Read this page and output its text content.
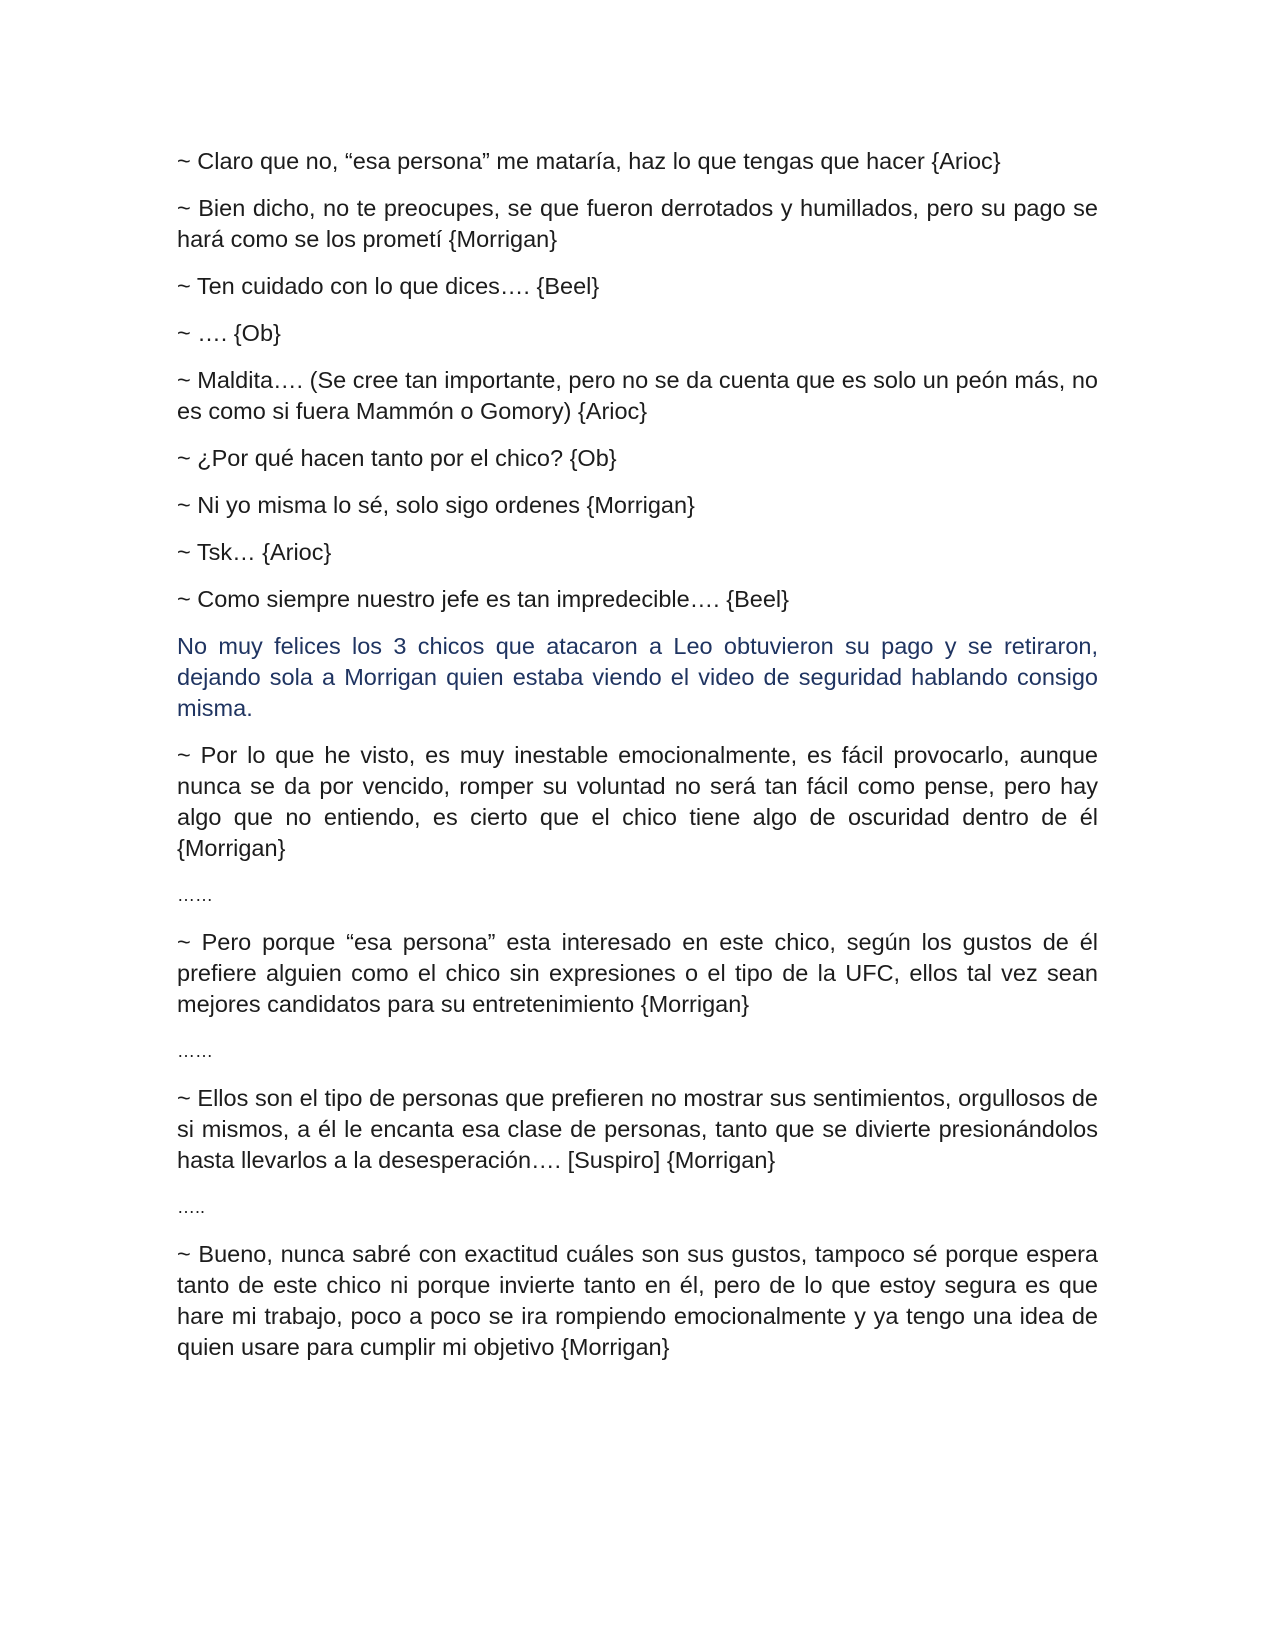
~ Claro que no, “esa persona” me mataría, haz lo que tengas que hacer {Arioc}

~ Bien dicho, no te preocupes, se que fueron derrotados y humillados, pero su pago se hará como se los prometí {Morrigan}

~ Ten cuidado con lo que dices…. {Beel}

~ …. {Ob}

~ Maldita…. (Se cree tan importante, pero no se da cuenta que es solo un peón más, no es como si fuera Mammón o Gomory) {Arioc}

~ ¿Por qué hacen tanto por el chico? {Ob}

~ Ni yo misma lo sé, solo sigo ordenes {Morrigan}

~ Tsk… {Arioc}

~ Como siempre nuestro jefe es tan impredecible…. {Beel}

No muy felices los 3 chicos que atacaron a Leo obtuvieron su pago y se retiraron, dejando sola a Morrigan quien estaba viendo el video de seguridad hablando consigo misma.

~ Por lo que he visto, es muy inestable emocionalmente, es fácil provocarlo, aunque nunca se da por vencido, romper su voluntad no será tan fácil como pense, pero hay algo que no entiendo, es cierto que el chico tiene algo de oscuridad dentro de él {Morrigan}

……

~ Pero porque “esa persona” esta interesado en este chico, según los gustos de él prefiere alguien como el chico sin expresiones o el tipo de la UFC, ellos tal vez sean mejores candidatos para su entretenimiento {Morrigan}

……

~ Ellos son el tipo de personas que prefieren no mostrar sus sentimientos, orgullosos de si mismos, a él le encanta esa clase de personas, tanto que se divierte presionándolos hasta llevarlos a la desesperación…. [Suspiro] {Morrigan}

…..

~ Bueno, nunca sabré con exactitud cuáles son sus gustos, tampoco sé porque espera tanto de este chico ni porque invierte tanto en él, pero de lo que estoy segura es que hare mi trabajo, poco a poco se ira rompiendo emocionalmente y ya tengo una idea de quien usare para cumplir mi objetivo {Morrigan}
